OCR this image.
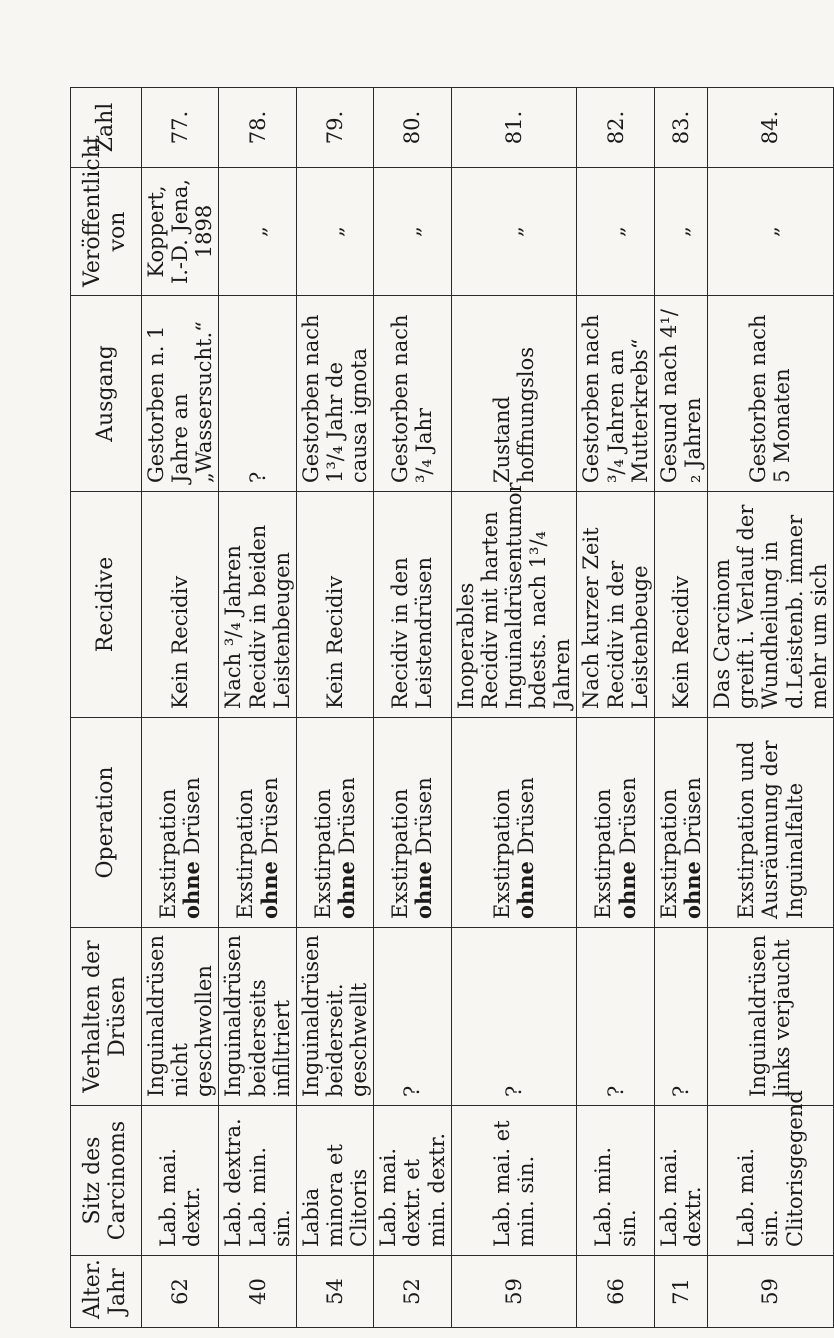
Alter. Jahr	Sitz des Carcinoms	Verhalten der Drüsen	Operation	Recidive	Ausgang	Veröffentlicht von	Zahl
62	Lab. mai. dextr.	Inguinaldrüsen nicht geschwollen	Exstirpation ohne Drüsen	Kein Recidiv	Gestorben n. 1 Jahre an „Wassersucht.“	Koppert, I.-D. Jena, 1898	77.
40	Lab. dextra. Lab. min. sin.	Inguinaldrüsen beiderseits infiltriert	Exstirpation ohne Drüsen	Nach ³/₄ Jahren Recidiv in beiden Leistenbeugen	?	„	78.
54	Labia minora et Clitoris	Inguinaldrüsen beiderseit. geschwellt	Exstirpation ohne Drüsen	Kein Recidiv	Gestorben nach 1³/₄ Jahr de causa ignota	„	79.
52	Lab. mai. dextr. et min. dextr.	?	Exstirpation ohne Drüsen	Recidiv in den Leistendrüsen	Gestorben nach ³/₄ Jahr	„	80.
59	Lab. mai. et min. sin.	?	Exstirpation ohne Drüsen	Inoperables Recidiv mit harten Inguinaldrüsentumor bdests. nach 1³/₄ Jahren	Zustand hoffnungslos	„	81.
66	Lab. min. sin.	?	Exstirpation ohne Drüsen	Nach kurzer Zeit Recidiv in der Leistenbeuge	Gestorben nach ³/₄ Jahren an Mutterkrebs“	„	82.
71	Lab. mai. dextr.	?	Exstirpation ohne Drüsen	Kein Recidiv	Gesund nach 4¹/₂ Jahren	„	83.
59	Lab. mai. sin. Clitorisgegend	Inguinaldrüsen links verjaucht	Exstirpation und Ausräumung der Inguinalfalte	Das Carcinom greift i. Verlauf der Wundheilung in d.Leistenb. immer mehr um sich	Gestorben nach 5 Monaten	„	84.
